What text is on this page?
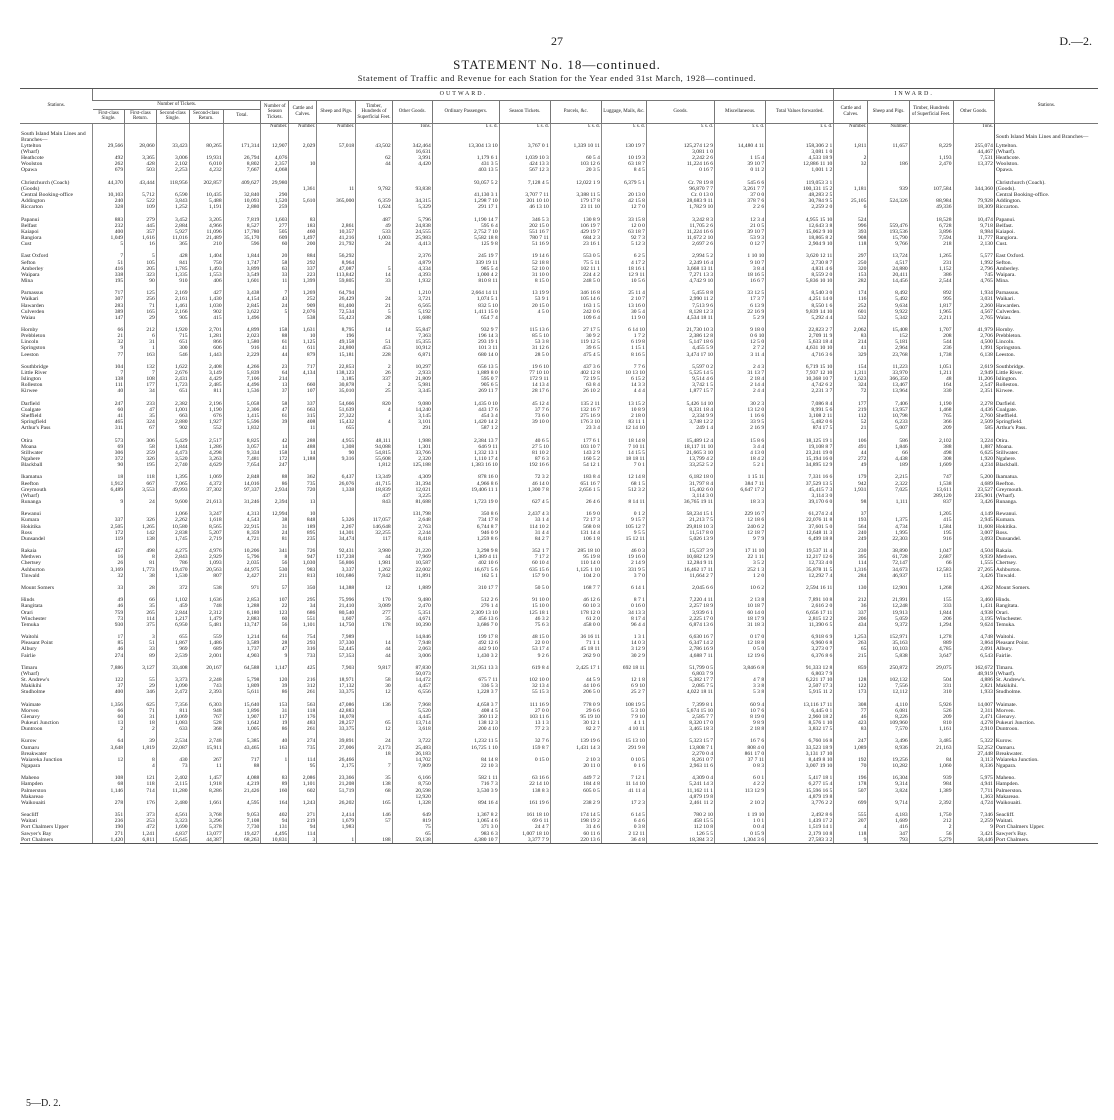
27	D.—2.
STATEMENT No. 18—continued.
Statement of Traffic and Revenue for each Station for the Year ended 31st March, 1928—continued.
Stations.	OUTWARD.																	INWARD.				Stations.
	Number of Tickets.					Number of Season Tickets.	Cattle and Calves.	Sheep and Pigs.	Timber, Hundreds of Superficial Feet.	Other Goods.	Ordinary Passengers.	Season Tickets.	Parcels, &c.	Luggage, Mails, &c.	Goods.	Miscellaneous.	Total Values forwarded.	Cattle and Calves.	Sheep and Pigs.	Timber, Hundreds of Superficial Feet.	Other Goods.	
	First-class Single.	First-class Return.	Second-class Single.	Second-class Return.	Total.																	
						Number.	Number.	Number.		Tons.	£ s. d.	£ s. d.	£ s. d.	£ s. d.	£ s. d.	£ s. d.	£ s. d.	Number.	Number.		Tons.	
South Island Main Lines and Branches—																						South Island Main Lines and Branches—
Lyttelton	29,566	28,060	33,423	80,265	171,314	12,907	2,029	57,018	43,502	342,464	13,304 13 10	3,767 0 1	1,339 10 11	130 19 7	125,274 12 9	14,480 4 11	158,306 2 1	1,811	11,657	8,229	255,074	Lyttelton.
(Wharf)										16,631					3,081 1 0		3,081 1 0				44,467	(Wharf).
Heathcote	492	3,365	3,006	19,931	26,794	4,076			62	3,991	1,179 6 1	1,039 10 3	60 5 4	10 19 3	2,242 2 6	1 15 4	4,533 18 9	2		1,193	7,531	Heathcote.
Woolston	262	428	2,102	6,010	8,802	2,357	10		44	4,420	431 3 5	424 13 3	103 12 6	63 18 7	11,224 16 6	39 10 7	12,886 11 10	32	186	2,470	13,372	Woolston.
Opawa	679	503	2,253	4,232	7,667	4,068					403 13 5	567 12 3	20 3 5	8 4 5	0 16 7	0 11 2	1,001 1 2					Opawa.

Christchurch (Coach)	44,370	43,444	118,956	202,857	409,627	29,980					93,057 5 2	7,128 4 5	12,022 1 9	6,379 5 1	Cr. 78 19 8	545 6 6	119,053 3 1					Christchurch (Coach).
(Goods)							1,361	11	9,782	93,838					96,870 7 7	3,261 7 7	100,131 15 2	1,181	939	107,584	344,360	(Goods).
Central Booking-office	10,103	5,712	6,590	10,435	32,840	290					41,130 3 1	3,707 7 11	3,388 11 5	20 13 0	Cr. 0 13 0	37 0 0	48,283 2 5					Central Booking-office.
Addington	240	522	3,843	5,488	10,093	1,520	5,610	365,000	6,359	34,315	1,298 7 10	201 10 10	179 17 8	42 15 8	28,683 9 11	378 7 6	30,784 9 5	25,105	524,326	88,984	79,928	Addington.
Riccarton	328	109	1,252	1,191	2,880	259			1,624	5,329	291 17 1	46 13 10	23 11 10	12 7 0	1,782 9 10	2 2 6	2,259 2 0	6		49,336	18,309	Riccarton.

Papanui	883	279	3,452	3,205	7,819	1,603	83		487	5,796	1,190 14 7	346 5 3	130 8 9	33 15 8	3,242 8 3	12 3 4	4,955 15 10	524		18,528	10,474	Papanui.
Belfast	232	445	2,884	4,966	8,527	277	183	2,861	49	24,838	595 6 4	202 15 0	106 19 7	12 0 0	11,705 2 6	21 0 5	12,643 3 8	996	559,476	6,728	9,718	Belfast.
Kaiapoi	400	357	5,927	11,096	17,780	505	460	10,357	533	24,555	2,752 7 10	551 16 7	429 19 7	63 18 7	11,224 16 6	39 10 7	15,062 9 10	393	193,536	3,896	8,984	Kaiapoi.
Rangiora	1,049	1,616	11,016	21,489	35,170	609	1,497	41,216	1,003	25,983	5,582 18 8	780 7 11	684 2 3	92 7 3	11,672 2 10	53 9 3	18,865 8 2	908	15,790	7,594	11,777	Rangiora.
Cust	5	16	365	210	596	60	200	21,792	24	4,413	125 9 8	51 16 9	23 16 1	5 12 3	2,697 2 6	0 12 7	2,904 9 10	118	9,766	218	2,130	Cust.

East Oxford	7	5	428	1,404	1,844	20	884	56,292		2,376	245 19 7	19 14 6	553 0 5	6 2 5	2,994 5 2	1 10 10	3,620 12 11	297	13,724	1,265	5,577	East Oxford.
Sefton	51	105	841	750	1,747	58	292	8,964		4,879	339 19 11	52 18 8	75 5 11	4 17 2	2,249 16 4	9 10 7	2,730 8 7	250	4,517	231	1,992	Sefton.
Amberley	416	205	1,785	1,493	3,899	63	337	47,087	5	4,334	985 5 4	52 10 0	102 11 1	18 16 1	3,668 13 11	3 8 4	4,831 4 6	320	24,880	1,152	2,796	Amberley.
Waipara	338	323	1,335	1,553	3,549	33	223	113,842	14	4,393	1,000 4 2	31 10 0	224 4 2	12 9 11	7,271 13 3	18 16 5	8,559 2 0	153	20,411	386	745	Waipara.
Mina	195	90	910	406	1,601	11	1,399	59,805	33	1,932	810 8 11	8 15 0	248 5 0	10 5 6	4,742 9 10	16 6 7	5,836 10 10	282	14,456	2,544	4,765	Mina.

Parnassus	717	125	2,169	427	3,438	7	1,269	64,794		1,210	2,664 14 11	13 19 9	346 16 8	25 11 4	5,455 8 8	33 12 5	8,540 3 0	174	8,492	892	1,934	Parnassus.
Waikari	307	256	2,161	1,430	4,154	43	252	26,429	24	3,721	1,074 5 1	53 9 1	105 14 6	2 10 7	2,990 11 2	17 3 7	4,251 14 0	116	5,492	995	3,031	Waikari.
Hawarden	283	71	1,461	1,030	2,845	24	909	81,400	21	6,565	832 5 10	20 15 0	163 1 5	13 16 0	7,513 9 6	6 13 9	8,550 1 6	252	9,634	1,817	2,260	Hawarden.
Culverden	389	165	2,166	902	3,622	5	2,076	72,534	5	5,192	1,411 15 0	4 5 0	242 0 6	30 5 4	8,128 12 3	22 16 9	9,839 14 10	601	9,922	1,965	4,567	Culverden.
Waiau	147	29	905	415	1,496		538	55,423	28	1,688	654 7 4		109 6 4	11 9 0	4,534 18 11	5 2 9	5,292 4 4	532	5,342	2,211	2,765	Waiau.

Hornby	66	212	1,920	2,701	4,899	158	1,631	8,795	14	55,847	932 9 7	115 13 6	27 17 5	6 14 10	21,730 10 3	9 18 0	22,823 2 7	2,062	15,408	1,707	41,979	Hornby.
Prebbleton	21	6	715	1,281	2,023	88	10	196		7,363	196 14 3	85 5 10	30 9 2	1 7 2	2,386 12 8	0 6 10	2,709 11 9	83	152	208	2,706	Prebbleton.
Lincoln	32	31	651	866	1,580	61	1,125	49,158	51	15,355	293 19 1	53 3 8	119 12 5	6 19 8	5,147 18 6	12 5 0	5,633 18 4	214	5,181	544	4,500	Lincoln.
Springston	9	1	300	606	916	41	611	24,800	453	10,912	101 3 11	31 12 6	39 6 5	1 15 1	4,455 5 9	2 7 2	4,631 10 10	41	2,964	236	1,991	Springston.
Leeston	77	163	546	1,443	2,229	44	879	15,181	228	6,871	680 14 0	28 5 0	475 4 5	8 16 5	3,474 17 10	3 11 4	4,716 3 6	329	23,768	1,738	6,138	Leeston.

Southbridge	104	132	1,622	2,408	4,266	23	717	22,853	2	10,297	656 13 5	19 6 10	437 3 6	7 7 6	5,597 0 2	2 4 3	6,719 15 10	154	11,223	1,051	2,619	Southbridge.
Little River	7	7	2,676	3,149	5,839	64	4,134	138,123	26	2,933	1,889 8 0	77 10 10	402 12 8	10 13 10	5,525 14 5	31 13 7	7,937 12 10	1,311	33,970	1,211	2,949	Little River.
Islington	138	108	2,431	4,429	7,106	214		3,185	337	21,809	595 0 7	172 9 11	72 19 5	6 15 2	9,514 4 6	2 18 4	10,368 10 7	1,623	366,350	48	11,206	Islington.
Rolleston	111	177	1,723	2,485	4,496	13	660	30,878	2	5,981	905 6 5	14 13 4	63 8 4	14 3 3	3,742 1 5	2 14 4	4,742 6 2	324	13,467	164	2,547	Rolleston.
Kirwee	40	34	651	811	1,536	37	107	35,010	25	3,345	269 11 7	28 17 6	26 10 2	4 4 4	1,877 15 7	2 4 4	2,231 3 7	72	13,964	330	2,351	Kirwee.

Darfield	247	233	2,382	2,196	5,058	58	337	54,666	820	9,080	1,435 0 10	45 12 4	135 2 11	13 15 2	5,426 14 10	30 2 3	7,086 8 4	177	7,406	1,190	2,278	Darfield.
Coalgate	60	47	1,001	1,190	2,306	47	663	51,639	4	14,240	443 17 6	37 7 6	132 16 7	10 8 9	8,331 18 4	13 12 0	8,991 5 6	219	13,957	1,468	4,436	Coalgate.
Sheffield	41	35	663	676	1,415	61	315	27,322		3,145	454 3 4	73 6 0	275 16 9	2 18 0	2,334 9 9	1 16 6	3,108 2 11	112	10,798	765	2,760	Sheffield.
Springfield	465	324	2,880	1,927	5,596	39	408	15,432	4	3,101	1,420 14 2	39 10 0	176 3 10	83 11 1	3,748 12 2	33 9 5	5,482 0 6	52	6,233	366	2,509	Springfield.
Arthur's Pass	311	67	902	552	1,832		11	655		291	587 1 2		23 3 4	12 14 10	249 1 4	2 16 9	874 17 5	21	5,007	209	585	Arthur's Pass.

Otira	573	306	5,429	2,517	8,825	42	288	4,955	48,111	1,988	2,384 13 7	40 6 5	177 6 1	18 14 8	15,489 12 4	15 8 6	18,125 19 1	106	586	2,102	3,224	Otira.
Moana	69	58	1,844	1,286	3,057	14	488	1,308	94,088	1,301	646 9 11	27 5 10	103 10 7	7 10 11	18,117 11 10	3 4 4	19,108 8 7	491	1,846	388	1,887	Moana.
Stillwater	306	259	4,473	4,298	9,334	158	14	90	54,815	33,766	1,332 13 1	81 10 2	143 2 9	14 15 5	21,665 3 10	4 13 0	23,241 19 0	44	66	498	6,625	Stillwater.
Ngahere	372	326	3,520	3,263	7,481	172	1,188	9,316	55,608	2,320	1,110 17 4	87 6 3	160 5 2	18 18 11	13,799 4 2	18 4 2	15,194 16 0	272	4,438	308	1,920	Ngahere.
Blackball	90	195	2,740	4,629	7,654	247			1,812	125,188	1,383 16 10	192 16 6	54 12 1	7 0 1	33,252 5 2	5 2 1	34,895 12 9	49	189	1,609	4,234	Blackball.

Ikamatua	18	118	1,395	1,069	2,848	88	362	6,437	13,349	4,309	878 16 0	72 3 2	183 8 4	12 14 8	6,182 18 0	1 15 11	7,331 16 6	179	2,215	747	5,200	Ikamatua.
Reefton	1,912	667	7,065	4,372	14,016	86	735	26,076	41,715	31,394	4,966 8 6	46 14 0	651 16 7	68 1 5	31,797 8 4	384 7 11	37,529 13 5	942	2,322	1,538	4,689	Reefton.
Greymouth	6,489	3,553	49,993	37,302	97,337	2,934	720	1,338	18,839	12,021	19,406 11 1	1,300 7 8	2,656 1 5	512 3 2	15,402 6 0	6,647 17 2	45,415 7 3	1,931	7,025	13,611	23,527	Greymouth.
(Wharf)									437	3,225					3,114 3 0		3,114 3 0			289,120	235,901	(Wharf).
Runanga	9	24	9,600	21,613	31,246	2,394	13		843	81,688	1,723 19 0	627 4 5	26 4 6	8 14 11	36,765 19 11	18 3 3	39,170 6 0	98	1,111	837	3,426	Runanga.

Rewanui			1,066	3,247	4,313	12,994	10			131,798	350 8 6	2,437 4 3	16 9 0	0 1 2	58,234 15 1	229 16 7	61,274 2 4	37		1,205	4,149	Rewanui.
Kumara	337	326	2,262	1,618	4,543	38	848	5,326	117,057	2,648	734 17 8	33 1 4	72 17 3	9 15 7	21,213 7 5	12 18 6	22,076 11 8	193	1,375	415	2,945	Kumara.
Hokitika	2,505	1,265	10,580	8,565	22,915	31	189	2,267	146,648	2,763	6,744 8 7	114 10 2	568 0 8	105 12 7	29,818 10 3	240 6 2	37,601 5 0	564	4,734	1,584	11,608	Hokitika.
Ross	172	142	2,838	5,207	8,359	24	895	14,301	32,255	2,244	946 0 9	31 4 4	131 14 4	9 5 5	11,517 8 0	12 18 7	12,648 11 3	240	1,995	195	3,007	Ross.
Dunsandel	119	138	1,745	2,719	4,721	81	235	34,474	117	8,418	1,259 8 6	84 2 7	106 1 8	15 12 11	5,026 13 9	9 7 9	6,499 18 8	249	22,303	916	3,093	Dunsandel.

Rakaia	457	498	4,275	4,976	10,206	341	726	92,431	3,980	21,220	3,298 9 8	352 1 7	285 18 10	46 0 3	15,537 3 9	17 11 10	19,537 11 4	230	38,890	1,047	4,504	Rakaia.
Methven	16	8	2,843	2,929	5,796	8	947	117,238	44	7,969	1,389 4 11	7 17 2	95 19 8	19 16 0	10,682 12 9	22 1 11	12,217 12 6	395	61,728	2,687	9,939	Methven.
Chertsey	26	81	786	1,093	2,035	56	1,030	56,806	1,981	10,587	402 10 6	60 10 4	110 14 0	2 14 9	12,284 9 11	3 5 2	12,733 4 0	114	72,147	66	1,555	Chertsey.
Ashburton	3,169	1,773	19,470	20,563	44,975	530	983	3,337	1,262	22,002	16,671 5 6	635 15 6	1,125 1 10	331 9 5	16,462 17 11	252 1 3	35,878 11 5	1,316	34,673	12,583	27,265	Ashburton.
Tinwald	32	38	1,530	807	2,427	211	813	101,686	7,842	11,891	162 5 1	157 9 0	104 2 0	3 7 0	11,664 2 7	1 2 0	12,292 7 4	284	46,937	115	3,426	Tinwald.

Mount Somers	33	28	372	538	971	57	350	14,388	12	1,889	310 17 7	50 5 0	168 7 7	6 14 1	2,045 6 6	10 6 2	2,594 16 11	130	12,901	1,268	4,262	Mount Somers.

Hinds	49	66	1,102	1,636	2,853	107	295	75,996	170	9,480	512 2 6	91 10 0	46 12 6	8 7 1	7,220 4 11	2 13 8	7,891 10 8	212	21,991	155	3,460	Hinds.
Rangitata	46	35	459	748	1,288	22	34	21,410	3,089	2,470	276 1 4	15 10 0	60 10 3	0 16 0	2,257 18 9	10 18 7	2,616 2 0	36	12,248	333	1,431	Rangitata.
Orari	759	265	2,844	2,312	6,180	123	686	80,540	277	5,351	2,309 13 10	125 18 1	178 12 0	34 13 3	3,939 6 1	60 14 0	6,656 17 11	337	19,913	1,844	4,938	Orari.
Winchester	73	114	1,217	1,479	2,883	60	551	1,607	35	4,671	456 13 6	46 3 2	61 2 0	8 17 4	2,225 17 0	18 17 9	2,815 12 2	206	5,059	206	3,195	Winchester.
Temuka	930	375	6,950	5,481	13,747	56	1,101	14,750	178	10,390	3,686 7 0	75 6 3	458 0 0	96 4 4	6,874 13 6	31 18 3	11,390 6 5	434	9,372	1,294	9,624	Temuka.

Waitohi	17	3	655	559	1,214	64	754	7,989		14,846	199 17 8	48 15 0	36 16 11	1 3 1	6,630 16 7	0 17 0	6,918 6 9	1,253	152,971	1,278	4,748	Waitohi.
Pleasant Point	85	51	1,867	1,486	3,589	28	293	37,330	14	7,948	492 12 6	22 0 0	71 1 1	14 0 3	6,347 14 2	12 18 8	6,960 6 8	263	35,163	889	3,864	Pleasant Point.
Albury	46	33	969	689	1,737	47	316	52,445	44	2,063	442 9 10	53 17 4	45 18 11	3 12 9	2,786 16 9	0 5 0	3,273 0 7	65	10,103	4,785	2,091	Albury.
Fairlie	274	89	2,539	2,001	4,903	9	733	57,353	44	3,006	1,430 3 2	9 2 6	262 9 0	30 2 9	4,688 7 11	12 19 6	6,376 8 6	215	5,838	3,647	6,543	Fairlie.

Timaru	7,886	3,127	33,408	20,167	64,588	1,147	425	7,903	9,817	87,830	31,951 13 3	619 8 4	2,425 17 1	692 18 11	51,799 0 5	3,846 6 8	91,333 12 8	859	250,872	29,075	162,672	Timaru.
(Wharf)										50,073					6,803 7 9		6,803 7 9				48,919	(Wharf).
St. Andrew's	122	55	3,373	2,248	5,798	120	216	18,971	58	14,472	675 7 11	102 10 0	44 5 9	12 1 8	5,382 17 7	4 7 8	6,221 17 10	128	102,132	504	4,886	St. Andrew's.
Makikihi	37	29	1,090	743	1,809	39	312	17,132	30	4,457	336 5 3	32 13 4	44 10 6	6 9 10	2,085 7 5	3 3 8	2,507 17 3	122	7,556	331	2,821	Makikihi.
Studholme	400	346	2,472	2,393	5,611	86	261	33,375	12	6,556	1,228 3 7	55 15 3	206 5 0	25 2 7	4,022 18 11	5 3 8	5,915 11 2	173	12,112	310	1,933	Studholme.

Waimate	1,356	625	7,356	6,303	15,640	153	563	47,086	136	7,968	4,658 3 7	111 16 9	778 0 9	108 19 5	7,399 8 1	60 9 4	13,116 17 11	308	4,110	5,926	14,007	Waimate.
Morven	66	71	811	948	1,896	31	118	42,883		5,520	408 4 5	27 0 0	29 6 6	5 3 10	5,674 15 10	10 7 6	6,445 0 1	77	6,081	526	2,311	Morven.
Glenavy	60	31	1,069	767	1,907	117	176	18,078		4,445	360 11 2	103 11 6	95 19 10	7 9 10	2,585 7 7	8 19 0	2,960 18 2	46	8,226	209	2,471	Glenavy.
Pukeuri Junction	13	18	1,083	528	1,642	19	483	28,257	65	13,714	138 12 3	13 1 3	30 12 1	4 1 1	8,320 17 0	9 8 9	8,576 1 10	423	109,960	810	4,278	Pukeuri Junction.
Duntroon	2	2	633	368	1,005	86	261	33,375	12	3,618	200 4 10	77 2 3	82 2 7	4 10 11	3,465 18 3	2 18 8	3,832 17 5	83	7,570	1,161	2,910	Duntroon.

Kurow	64	39	2,534	2,748	5,385	40	274	39,891	24	3,722	1,232 11 5	32 7 6	139 19 6	15 13 10	5,323 15 7	16 7 6	6,760 16 8	247	3,496	3,485	5,322	Kurow.
Oamaru	3,648	1,819	22,087	15,911	43,465	163	735	27,006	2,173	25,483	16,725 1 10	159 8 7	1,431 14 3	291 9 8	13,808 7 1	808 4 0	33,523 18 9	1,089	8,936	21,163	52,252	Oamaru.
Breakwater									18	26,183					2,270 0 4	861 17 0	3,131 17 10				27,448	Breakwater.
Waiareka Junction	12	8	430	267	717	1	114	26,466		14,702	84 14 8	0 15 0	2 10 3	0 10 5	8,261 0 7	37 7 11	8,449 8 10	192	19,256	84	3,113	Waiareka Junction.
Ngapara		4	73	11	88		95	2,175	7	7,809	22 10 3		20 11 0	0 1 6	2,963 11 6	0 8 3	3,007 19 10	70	10,282	1,060	8,336	Ngapara.

Maheno	108	121	2,402	1,457	4,088	83	2,086	23,366	35	6,166	582 1 11	63 16 6	449 7 2	7 12 1	4,309 0 4	6 0 1	5,417 18 1	196	16,304	939	5,975	Maheno.
Hampden	68	118	2,115	1,918	4,219	89	1,101	21,208	138	8,750	716 7 3	22 14 10	184 4 8	11 14 10	5,241 14 3	4 2 2	6,277 15 4	178	9,314	984	4,941	Hampden.
Palmerston	1,146	714	11,280	8,286	21,426	160	602	51,719	68	20,598	3,530 3 9	138 8 3	605 0 5	41 11 4	11,162 11 1	113 12 9	15,596 16 5	507	3,824	1,389	7,711	Palmerston.
Makareao										12,920					4,879 19 8		4,879 19 8				1,363	Makareao.
Waikouaiti	278	176	2,480	1,661	4,595	164	1,243	26,202	165	1,328	894 16 4	161 19 6	238 2 9	17 2 3	2,461 11 2	2 10 2	3,776 2 2	699	9,714	2,392	4,724	Waikouaiti.

Seacliff	351	373	4,561	3,768	9,053	402	271	2,414	146	649	1,367 8 2	161 18 10	174 14 5	6 14 5	780 2 10	1 19 10	2,492 8 6	555	4,183	1,750	7,346	Seacliff.
Waitati	236	253	3,323	3,296	7,108	94	219	1,679	57	819	1,065 4 6	69 6 11	198 19 2	6 4 6	458 15 5	1 0 1	1,439 17 2	207	1,689	212	2,259	Waitati.
Port Chalmers Upper	190	472	1,690	5,378	7,730	131	94	1,983		75	371 3 0	24 4 7	31 4 6	0 3 8	112 10 8	0 0 4	1,519 14 1	4	416	2	9	Port Chalmers Upper.
Sawyer's Bay	271	1,241	4,837	13,077	19,427	4,495	114			65	983 6 3	1,007 18 10	60 11 6	2 12 11	126 5 5	0 15 9	2,179 10 8	118	347	56	3,421	Sawyer's Bay.
Port Chalmers	1,420	6,811	15,645	44,387	68,263	10,831	3	1	188	59,138	4,380 10 7	3,377 7 9	220 13 6	36 4 8	18,384 3 2	1,304 3 6	27,583 3 2	9	793	5,279	58,446	Port Chalmers.
5—D. 2.
